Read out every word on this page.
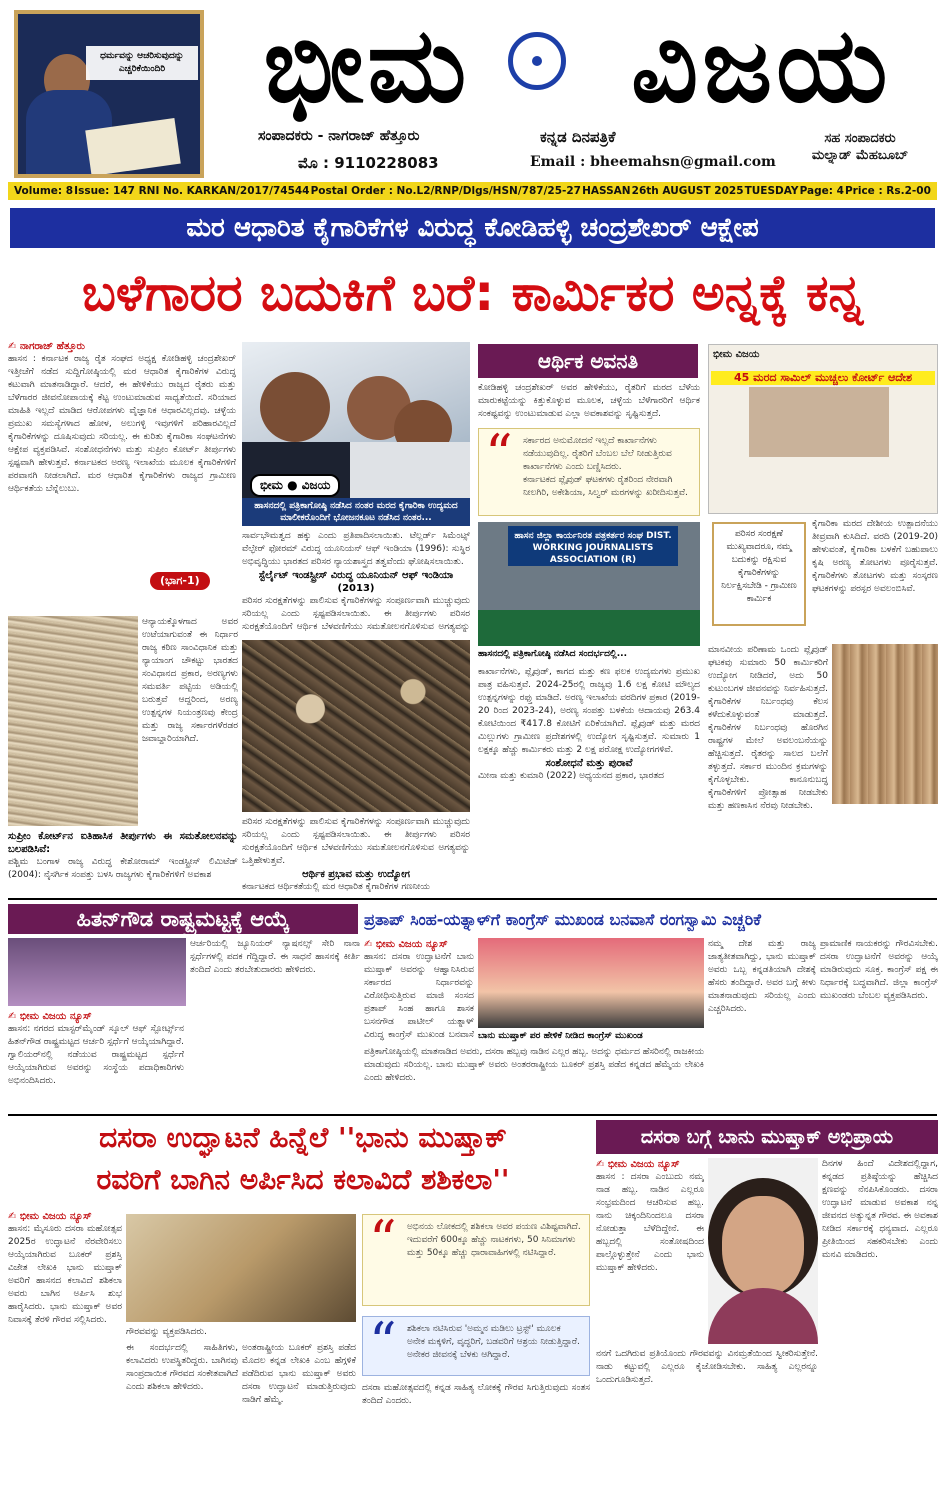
ಧರ್ಮವನ್ನು ಆಚರಿಸುವುದನ್ನು ಎಚ್ಚರಿಕೆಯಿಂದಿರಿ ಭೀಮ ವಿಜಯ
ಸಂಪಾದಕರು - ನಾಗರಾಜ್ ಹೆತ್ತೂರು
ಮೊ : 9110228083
ಕನ್ನಡ ದಿನಪತ್ರಿಕೆ
Email : bheemahsn@gmail.com
ಸಹ ಸಂಪಾದಕರು
ಮಲ್ನಾಡ್ ಮೆಹಬೂಬ್
Volume: 8 Issue: 147 RNI No. KARKAN/2017/74544 Postal Order : No.L2/RNP/Dlgs/HSN/787/25-27 HASSAN 26th AUGUST 2025 TUESDAY Page: 4 Price : Rs.2-00
ಮರ ಆಧಾರಿತ ಕೈಗಾರಿಕೆಗಳ ವಿರುದ್ಧ ಕೋಡಿಹಳ್ಳಿ ಚಂದ್ರಶೇಖರ್ ಆಕ್ಷೇಪ
ಬಳೆಗಾರರ ಬದುಕಿಗೆ ಬರೆ: ಕಾರ್ಮಿಕರ ಅನ್ನಕ್ಕೆ ಕನ್ನ
✍ ನಾಗರಾಜ್ ಹೆತ್ತೂರು
ಹಾಸನ : ಕರ್ನಾಟಕ ರಾಜ್ಯ ರೈತ ಸಂಘದ ಅಧ್ಯಕ್ಷ ಕೋಡಿಹಳ್ಳಿ ಚಂದ್ರಶೇಖರ್ ಇತ್ತೀಚೆಗೆ ನಡೆದ ಸುದ್ದಿಗೋಷ್ಠಿಯಲ್ಲಿ ಮರ ಆಧಾರಿತ ಕೈಗಾರಿಕೆಗಳ ವಿರುದ್ಧ ಕಟುವಾಗಿ ಮಾತನಾಡಿದ್ದಾರೆ. ಆದರೆ, ಈ ಹೇಳಿಕೆಯು ರಾಜ್ಯದ ರೈತರು ಮತ್ತು ಬೆಳೆಗಾರರ ಜೀವನೋಪಾಯಕ್ಕೆ ಕೆಟ್ಟ ಉಂಟುಮಾಡುವ ಸಾಧ್ಯತೆಯಿದೆ. ಸರಿಯಾದ ಮಾಹಿತಿ ಇಲ್ಲದೆ ಮಾಡಿದ ಆರೋಪಗಳು ವೈಜ್ಞಾನಿಕ ಆಧಾರವಿಲ್ಲದವು. ಚಳ್ಳೆಯ ಪ್ರಮುಖ ಸಮಸ್ಯೆಗಳಾದ ಹೋಳ, ಅಲುಗಳ್ಳಿ ಇವುಗಳಿಗೆ ಪರಿಹಾರವಿಲ್ಲದೆ ಕೈಗಾರಿಕೆಗಳನ್ನು ದೂಷಿಸುವುದು ಸರಿಯಲ್ಲ. ಈ ಕುರಿತು ಕೈಗಾರಿಕಾ ಸಂಘಟನೆಗಳು ಆಕ್ಷೇಪ ವ್ಯಕ್ತಪಡಿಸಿವೆ. ಸಂಶೋಧನೆಗಳು ಮತ್ತು ಸುಪ್ರೀಂ ಕೋರ್ಟ್ ತೀರ್ಪುಗಳು ಸ್ಪಷ್ಟವಾಗಿ ಹೇಳುತ್ತವೆ. ಕರ್ನಾಟಕದ ಅರಣ್ಯ ಇಲಾಖೆಯ ಮೂಲಕ ಕೈಗಾರಿಕೆಗಳಿಗೆ ಪರವಾನಗಿ ನೀಡಲಾಗಿದೆ. ಮರ ಆಧಾರಿತ ಕೈಗಾರಿಕೆಗಳು ರಾಜ್ಯದ ಗ್ರಾಮೀಣ ಆರ್ಥಿಕತೆಯ ಬೆನ್ನೆಲುಬು.
(ಭಾಗ-1)
ಆನ್ಯಾಯಕ್ಕೊಳಗಾದ ಅವರ ಉಟೆಯಾಗುವಂತೆ ಈ ನಿರ್ಧಾರ ರಾಜ್ಯ ಕಠಿಣ ಸಾಂವಿಧಾನಿಕ ಮತ್ತು ನ್ಯಾಯಾಂಗ ಚೌಕಟ್ಟು ಭಾರತದ ಸಂವಿಧಾನದ ಪ್ರಕಾರ, ಅರಣ್ಯಗಳು ಸಮವರ್ತಿ ಪಟ್ಟಿಯ ಅಡಿಯಲ್ಲಿ ಬರುತ್ತವೆ ಆದ್ದರಿಂದ, ಅರಣ್ಯ ಉತ್ಪನ್ನಗಳ ನಿಯಂತ್ರಣವು ಕೇಂದ್ರ ಮತ್ತು ರಾಜ್ಯ ಸರ್ಕಾರಗಳೆರಡರ ಜವಾಬ್ದಾರಿಯಾಗಿದೆ.
ಸುಪ್ರೀಂ ಕೋರ್ಟ್‌ನ ಐತಿಹಾಸಿಕ ತೀರ್ಪುಗಳು ಈ ಸಮತೋಲನವನ್ನು ಬಲಪಡಿಸಿವೆ:
ಪಶ್ಚಿಮ ಬಂಗಾಳ ರಾಜ್ಯ ವಿರುದ್ಧ ಕೇಶೋರಾಮ್ ಇಂಡಸ್ಟ್ರೀಸ್ ಲಿಮಿಟೆಡ್ (2004): ನೈಸರ್ಗಿಕ ಸಂಪತ್ತು ಬಳಸಿ ರಾಜ್ಯಗಳು ಕೈಗಾರಿಕೆಗಳಿಗೆ ಅವಕಾಶ
ಭೀಮ ● ವಿಜಯ
ಹಾಸನದಲ್ಲಿ ಪತ್ರಿಕಾಗೋಷ್ಠಿ ನಡೆಸಿದ ನಂತರ ಮರದ ಕೈಗಾರಿಕಾ ಉದ್ಯಮದ ಮಾಲೀಕರೊಂದಿಗೆ ಭೋಜನಕೂಟ ನಡೆಸಿದ ನಂತರ...
ಸಾರ್ವಭೌಮತ್ವದ ಹಕ್ಕು ಎಂದು ಪ್ರತಿಪಾದಿಸಲಾಯಿತು. ಟೆಲ್ಲರ್ಡ್ ಸಿಮೆಂಟ್ಸ್ ವೆಲ್ಫೇರ್ ಫೋರಮ್ ವಿರುದ್ಧ ಯೂನಿಯನ್ ಆಫ್ ಇಂಡಿಯಾ (1996): ಸುಸ್ಥಿರ ಅಭಿವೃದ್ಧಿಯು ಭಾರತದ ಪರಿಸರ ನ್ಯಾಯಶಾಸ್ತ್ರದ ತತ್ವವೆಂದು ಘೋಷಿಸಲಾಯಿತು.
ಸ್ಟೆರ್ಲೈಟ್ ಇಂಡಸ್ಟ್ರೀಸ್ ವಿರುದ್ಧ ಯೂನಿಯನ್ ಆಫ್ ಇಂಡಿಯಾ (2013)
ಪರಿಸರ ಸುರಕ್ಷತೆಗಳನ್ನು ಪಾಲಿಸುವ ಕೈಗಾರಿಕೆಗಳನ್ನು ಸಂಪೂರ್ಣವಾಗಿ ಮುಚ್ಚುವುದು ಸರಿಯಲ್ಲ ಎಂದು ಸ್ಪಷ್ಟಪಡಿಸಲಾಯಿತು. ಈ ತೀರ್ಪುಗಳು ಪರಿಸರ ಸುರಕ್ಷತೆಯೊಂದಿಗೆ ಆರ್ಥಿಕ ಬೆಳವಣಿಗೆಯು ಸಮತೋಲನಗೊಳಿಸುವ ಅಗತ್ಯವನ್ನು
ಪರಿಸರ ಸುರಕ್ಷತೆಗಳನ್ನು ಪಾಲಿಸುವ ಕೈಗಾರಿಕೆಗಳನ್ನು ಸಂಪೂರ್ಣವಾಗಿ ಮುಚ್ಚುವುದು ಸರಿಯಲ್ಲ ಎಂದು ಸ್ಪಷ್ಟಪಡಿಸಲಾಯಿತು. ಈ ತೀರ್ಪುಗಳು ಪರಿಸರ ಸುರಕ್ಷತೆಯೊಂದಿಗೆ ಆರ್ಥಿಕ ಬೆಳವಣಿಗೆಯು ಸಮತೋಲನಗೊಳಿಸುವ ಅಗತ್ಯವನ್ನು ಒತ್ತಿಹೇಳುತ್ತವೆ.
ಆರ್ಥಿಕ ಪ್ರಭಾವ ಮತ್ತು ಉದ್ಯೋಗ
ಕರ್ನಾಟಕದ ಆರ್ಥಿಕತೆಯಲ್ಲಿ ಮರ ಆಧಾರಿತ ಕೈಗಾರಿಕೆಗಳ ಗಣನೀಯ
ಆರ್ಥಿಕ ಅವನತಿ
ಕೋಡಿಹಳ್ಳಿ ಚಂದ್ರಶೇಖರ್ ಅವರ ಹೇಳಿಕೆಯು, ರೈತರಿಗೆ ಮರದ ಬೆಳೆಯ ಮಾರುಕಟ್ಟೆಯನ್ನು ಕಿತ್ತುಕೊಳ್ಳುವ ಮೂಲಕ, ಚಳ್ಳೆಯ ಬೆಳೆಗಾರರಿಗೆ ಆರ್ಥಿಕ ಸಂಕಷ್ಟವನ್ನು ಉಂಟುಮಾಡುವ ಎಲ್ಲಾ ಅವಕಾಶವನ್ನು ಸೃಷ್ಟಿಸುತ್ತದೆ.
“ ಸರ್ಕಾರದ ಅನುಮೋದನೆ ಇಲ್ಲದೆ ಕಾರ್ಖಾನೆಗಳು ನಡೆಯುವುದಿಲ್ಲ. ರೈತರಿಗೆ ಬೆಂಬಲ ಬೆಲೆ ನೀಡುತ್ತಿರುವ ಕಾರ್ಖಾನೆಗಳು ಎಂದು ಬಣ್ಣಿಸಿದರು.
ಕರ್ನಾಟಕದ ಪ್ಲೈವುಡ್ ಘಟಕಗಳು ರೈತರಿಂದ ನೇರವಾಗಿ ನೀಲಗಿರಿ, ಅಕೇಶಿಯಾ, ಸಿಲ್ವರ್ ಮರಗಳನ್ನು ಖರೀದಿಸುತ್ತವೆ.
ಹಾಸನ ಜಿಲ್ಲಾ ಕಾರ್ಯನಿರತ ಪತ್ರಕರ್ತರ ಸಂಘ DIST. WORKING JOURNALISTS ASSOCIATION (R)
ಹಾಸನದಲ್ಲಿ ಪತ್ರಿಕಾಗೋಷ್ಠಿ ನಡೆಸಿದ ಸಂದರ್ಭದಲ್ಲಿ...
ಕಾರ್ಖಾನೆಗಳು, ಪ್ಲೈವುಡ್, ಕಾಗದ ಮತ್ತು ಕಣ ಫಲಕ ಉದ್ಯಮಗಳು ಪ್ರಮುಖ ಪಾತ್ರ ವಹಿಸುತ್ತವೆ. 2024-25ರಲ್ಲಿ ರಾಜ್ಯವು 1.6 ಲಕ್ಷ ಕೋಟಿ ಮೌಲ್ಯದ ಉತ್ಪನ್ನಗಳನ್ನು ರಫ್ತು ಮಾಡಿದೆ. ಅರಣ್ಯ ಇಲಾಖೆಯ ವರದಿಗಳ ಪ್ರಕಾರ (2019-20 ರಿಂದ 2023-24), ಅರಣ್ಯ ಸಂಪತ್ತು ಬಳಕೆಯ ಆದಾಯವು 263.4 ಕೋಟಿಯಿಂದ ₹417.8 ಕೋಟಿಗೆ ಏರಿಕೆಯಾಗಿದೆ. ಪ್ಲೈವುಡ್ ಮತ್ತು ಮರದ ಮಿಲ್ಲುಗಳು ಗ್ರಾಮೀಣ ಪ್ರದೇಶಗಳಲ್ಲಿ ಉದ್ಯೋಗ ಸೃಷ್ಟಿಸುತ್ತವೆ. ಸುಮಾರು 1 ಲಕ್ಷಕ್ಕೂ ಹೆಚ್ಚು ಕಾರ್ಮಿಕರು ಮತ್ತು 2 ಲಕ್ಷ ಪರೋಕ್ಷ ಉದ್ಯೋಗಗಳಿವೆ.
ಸಂಶೋಧನೆ ಮತ್ತು ಪುರಾವೆ
ಮೀನಾ ಮತ್ತು ಕುಮಾರಿ (2022) ಅಧ್ಯಯನದ ಪ್ರಕಾರ, ಭಾರತದ
ಭೀಮ ವಿಜಯ
45 ಮರದ ಸಾಮಿಲ್ ಮುಚ್ಚಲು ಕೋರ್ಟ್ ಆದೇಶ
ಪರಿಸರ ಸಂರಕ್ಷಣೆ ಮುಖ್ಯವಾದರೂ, ನಮ್ಮ ಬದುಕನ್ನು ರಕ್ಷಿಸುವ ಕೈಗಾರಿಕೆಗಳನ್ನು ನಿರ್ಲಕ್ಷಿಸಬೇಡಿ - ಗ್ರಾಮೀಣ ಕಾರ್ಮಿಕ
ಕೈಗಾರಿಕಾ ಮರದ ದೇಶೀಯ ಉತ್ಪಾದನೆಯು ತೀವ್ರವಾಗಿ ಕುಸಿದಿದೆ. ವರದಿ (2019-20) ಹೇಳುವಂತೆ, ಕೈಗಾರಿಕಾ ಬಳಕೆಗೆ ಬಹುಪಾಲು ಕೃಷಿ ಅರಣ್ಯ ತೋಟಗಳು ಪೂರೈಸುತ್ತವೆ. ಕೈಗಾರಿಕೆಗಳು ತೋಟಗಳು ಮತ್ತು ಸಂಸ್ಕರಣ ಘಟಕಗಳನ್ನು ಪರಸ್ಪರ ಅವಲಂಬಿಸಿವೆ.
ಮಾನವೀಯ ಪರಿಣಾಮ ಒಂದು ಪ್ಲೈವುಡ್ ಘಟಕವು ಸುಮಾರು 50 ಕಾರ್ಮಿಕರಿಗೆ ಉದ್ಯೋಗ ನೀಡಿದರೆ, ಅದು 50 ಕುಟುಂಬಗಳ ಜೀವನವನ್ನು ನಿರ್ವಹಿಸುತ್ತದೆ. ಕೈಗಾರಿಕೆಗಳ ನಿರ್ಬಂಧವು ಕೆಲಸ ಕಳೆದುಕೊಳ್ಳುವಂತೆ ಮಾಡುತ್ತದೆ. ಕೈಗಾರಿಕೆಗಳ ನಿರ್ಬಂಧವು ಹೊರಗಿನ ರಾಷ್ಟ್ರಗಳ ಮೇಲೆ ಅವಲಂಬನೆಯನ್ನು ಹೆಚ್ಚಿಸುತ್ತದೆ. ರೈತರನ್ನು ಸಾಲದ ಬಲೆಗೆ ತಳ್ಳುತ್ತದೆ. ಸರ್ಕಾರ ಮುಂದಿನ ಕ್ರಮಗಳನ್ನು ಕೈಗೊಳ್ಳಬೇಕು. ಕಾನೂನುಬದ್ಧ ಕೈಗಾರಿಕೆಗಳಿಗೆ ಪ್ರೋತ್ಸಾಹ ನೀಡಬೇಕು ಮತ್ತು ಹಣಕಾಸಿನ ನೆರವು ನೀಡಬೇಕು.
ಹಿತನ್‌ಗೌಡ ರಾಷ್ಟ್ರಮಟ್ಟಕ್ಕೆ ಆಯ್ಕೆ
✍ ಭೀಮ ವಿಜಯ ನ್ಯೂಸ್
ಹಾಸನ: ನಗರದ ಮಾಸ್ಟರ್‌ಮೈಂಡ್ ಸ್ಕೂಲ್ ಆಫ್ ಸ್ಪೋರ್ಟ್ಸ್‌ನ ಹಿತನ್‌ಗೌಡ ರಾಷ್ಟ್ರಮಟ್ಟದ ಆರ್ಚರಿ ಸ್ಪರ್ಧೆಗೆ ಆಯ್ಕೆಯಾಗಿದ್ದಾರೆ. ಗ್ವಾಲಿಯರ್‌ನಲ್ಲಿ ನಡೆಯುವ ರಾಷ್ಟ್ರಮಟ್ಟದ ಸ್ಪರ್ಧೆಗೆ ಆಯ್ಕೆಯಾಗಿರುವ ಅವರನ್ನು ಸಂಸ್ಥೆಯ ಪದಾಧಿಕಾರಿಗಳು ಅಭಿನಂದಿಸಿದರು.
ಆರ್ಚರಿಯಲ್ಲಿ ಜ್ಯೂನಿಯರ್ ನ್ಯಾಷನಲ್ಸ್ ಸೇರಿ ನಾನಾ ಸ್ಪರ್ಧೆಗಳಲ್ಲಿ ಪದಕ ಗೆದ್ದಿದ್ದಾರೆ. ಈ ಸಾಧನೆ ಹಾಸನಕ್ಕೆ ಕೀರ್ತಿ ತಂದಿದೆ ಎಂದು ತರಬೇತುದಾರರು ಹೇಳಿದರು.
ಪ್ರತಾಪ್ ಸಿಂಹ-ಯತ್ನಾಳ್‌ಗೆ ಕಾಂಗ್ರೆಸ್ ಮುಖಂಡ ಬನವಾಸೆ ರಂಗಸ್ವಾಮಿ ಎಚ್ಚರಿಕೆ
✍ ಭೀಮ ವಿಜಯ ನ್ಯೂಸ್
ಹಾಸನ: ದಸರಾ ಉದ್ಘಾಟನೆಗೆ ಬಾನು ಮುಷ್ತಾಕ್ ಅವರನ್ನು ಆಹ್ವಾನಿಸಿರುವ ಸರ್ಕಾರದ ನಿರ್ಧಾರವನ್ನು ವಿರೋಧಿಸುತ್ತಿರುವ ಮಾಜಿ ಸಂಸದ ಪ್ರತಾಪ್ ಸಿಂಹ ಹಾಗೂ ಶಾಸಕ ಬಸನಗೌಡ ಪಾಟೀಲ್ ಯತ್ನಾಳ್ ವಿರುದ್ಧ ಕಾಂಗ್ರೆಸ್ ಮುಖಂಡ ಬನವಾಸೆ ಬಾನು ಮುಷ್ತಾಕ್ ಪರ ಹೇಳಿಕೆ ನೀಡಿದ ಕಾಂಗ್ರೆಸ್ ಮುಖಂಡ
ಪತ್ರಿಕಾಗೋಷ್ಠಿಯಲ್ಲಿ ಮಾತನಾಡಿದ ಅವರು, ದಸರಾ ಹಬ್ಬವು ನಾಡಿನ ಎಲ್ಲರ ಹಬ್ಬ. ಅದನ್ನು ಧರ್ಮದ ಹೆಸರಿನಲ್ಲಿ ರಾಜಕೀಯ ಮಾಡುವುದು ಸರಿಯಲ್ಲ. ಬಾನು ಮುಷ್ತಾಕ್ ಅವರು ಅಂತರರಾಷ್ಟ್ರೀಯ ಬೂಕರ್ ಪ್ರಶಸ್ತಿ ಪಡೆದ ಕನ್ನಡದ ಹೆಮ್ಮೆಯ ಲೇಖಕಿ ಎಂದು ಹೇಳಿದರು.
ನಮ್ಮ ದೇಶ ಮತ್ತು ರಾಜ್ಯ ಜಾತ್ಯತೀತವಾಗಿದ್ದು, ಭಾನು ಮುಷ್ತಾಕ್ ಅವರು ಒಬ್ಬ ಕನ್ನಡತಿಯಾಗಿ ದೇಶಕ್ಕೆ ಹೆಸರು ತಂದಿದ್ದಾರೆ. ಅವರ ಬಗ್ಗೆ ಕೀಳು ಮಾತನಾಡುವುದು ಸರಿಯಲ್ಲ ಎಂದು ಎಚ್ಚರಿಸಿದರು.
ಪ್ರಾಮಾಣಿಕ ನಾಯಕರನ್ನು ಗೌರವಿಸಬೇಕು. ದಸರಾ ಉದ್ಘಾಟನೆಗೆ ಅವರನ್ನು ಆಯ್ಕೆ ಮಾಡಿರುವುದು ಸೂಕ್ತ. ಕಾಂಗ್ರೆಸ್ ಪಕ್ಷ ಈ ನಿರ್ಧಾರಕ್ಕೆ ಬದ್ಧವಾಗಿದೆ. ಜಿಲ್ಲಾ ಕಾಂಗ್ರೆಸ್ ಮುಖಂಡರು ಬೆಂಬಲ ವ್ಯಕ್ತಪಡಿಸಿದರು.
ದಸರಾ ಉದ್ಘಾಟನೆ ಹಿನ್ನೆಲೆ ''ಭಾನು ಮುಷ್ತಾಕ್
ರವರಿಗೆ ಬಾಗಿನ ಅರ್ಪಿಸಿದ ಕಲಾವಿದೆ ಶಶಿಕಲಾ''
✍ ಭೀಮ ವಿಜಯ ನ್ಯೂಸ್
ಹಾಸನ: ಮೈಸೂರು ದಸರಾ ಮಹೋತ್ಸವ 2025ರ ಉದ್ಘಾಟನೆ ನೆರವೇರಿಸಲು ಆಯ್ಕೆಯಾಗಿರುವ ಬೂಕರ್ ಪ್ರಶಸ್ತಿ ವಿಜೇತ ಲೇಖಕಿ ಭಾನು ಮುಷ್ತಾಕ್ ಅವರಿಗೆ ಹಾಸನದ ಕಲಾವಿದೆ ಶಶಿಕಲಾ ಅವರು ಬಾಗಿನ ಅರ್ಪಿಸಿ ಶುಭ ಹಾರೈಸಿದರು. ಭಾನು ಮುಷ್ತಾಕ್ ಅವರ ನಿವಾಸಕ್ಕೆ ತೆರಳಿ ಗೌರವ ಸಲ್ಲಿಸಿದರು.
ಗೌರವವನ್ನು ವ್ಯಕ್ತಪಡಿಸಿದರು.
ಈ ಸಂದರ್ಭದಲ್ಲಿ ಸಾಹಿತಿಗಳು, ಕಲಾವಿದರು ಉಪಸ್ಥಿತರಿದ್ದರು. ಬಾಗಿನವು ಸಾಂಪ್ರದಾಯಿಕ ಗೌರವದ ಸಂಕೇತವಾಗಿದೆ ಎಂದು ಶಶಿಕಲಾ ಹೇಳಿದರು.
ಅಂತರಾಷ್ಟ್ರೀಯ ಬೂಕರ್ ಪ್ರಶಸ್ತಿ ಪಡೆದ ಮೊದಲ ಕನ್ನಡ ಲೇಖಕಿ ಎಂಬ ಹೆಗ್ಗಳಿಕೆ ಪಡೆದಿರುವ ಭಾನು ಮುಷ್ತಾಕ್ ಅವರು ದಸರಾ ಉದ್ಘಾಟನೆ ಮಾಡುತ್ತಿರುವುದು ನಾಡಿಗೆ ಹೆಮ್ಮೆ.
“ ಅಭಿನಯ ಲೋಕದಲ್ಲಿ ಶಶಿಕಲಾ ಅವರ ಪಯಣ ವಿಶಿಷ್ಟವಾಗಿದೆ. ಇದುವರೆಗೆ 600ಕ್ಕೂ ಹೆಚ್ಚು ನಾಟಕಗಳು, 50 ಸಿನಿಮಾಗಳು ಮತ್ತು 50ಕ್ಕೂ ಹೆಚ್ಚು ಧಾರಾವಾಹಿಗಳಲ್ಲಿ ನಟಿಸಿದ್ದಾರೆ.
“ ಶಶಿಕಲಾ ನಟಿಸಿರುವ 'ಅಮ್ಮನ ಮಡಿಲು ಟ್ರಸ್ಟ್' ಮೂಲಕ ಅನೇಕ ಮಕ್ಕಳಿಗೆ, ವೃದ್ಧರಿಗೆ, ಬಡವರಿಗೆ ಆಶ್ರಯ ನೀಡುತ್ತಿದ್ದಾರೆ. ಅನೇಕರ ಜೀವನಕ್ಕೆ ಬೆಳಕು ಆಗಿದ್ದಾರೆ.
ದಸರಾ ಮಹೋತ್ಸವದಲ್ಲಿ ಕನ್ನಡ ಸಾಹಿತ್ಯ ಲೋಕಕ್ಕೆ ಗೌರವ ಸಿಗುತ್ತಿರುವುದು ಸಂತಸ ತಂದಿದೆ ಎಂದರು.
ದಸರಾ ಬಗ್ಗೆ ಬಾನು ಮುಷ್ತಾಕ್ ಅಭಿಪ್ರಾಯ
✍ ಭೀಮ ವಿಜಯ ನ್ಯೂಸ್
ಹಾಸನ : ದಸರಾ ಎಂಬುದು ನಮ್ಮ ನಾಡ ಹಬ್ಬ. ನಾಡಿನ ಎಲ್ಲರೂ ಸಂಭ್ರಮದಿಂದ ಆಚರಿಸುವ ಹಬ್ಬ. ನಾನು ಚಿಕ್ಕಂದಿನಿಂದಲೂ ದಸರಾ ನೋಡುತ್ತಾ ಬೆಳೆದಿದ್ದೇನೆ. ಈ ಹಬ್ಬದಲ್ಲಿ ಸಂತೋಷದಿಂದ ಪಾಲ್ಗೊಳ್ಳುತ್ತೇನೆ ಎಂದು ಭಾನು ಮುಷ್ತಾಕ್ ಹೇಳಿದರು.
ನನಗೆ ಒದಗಿರುವ ಪ್ರತಿಯೊಂದು ಗೌರವವನ್ನು ವಿನಮ್ರತೆಯಿಂದ ಸ್ವೀಕರಿಸುತ್ತೇನೆ. ನಾಡು ಕಟ್ಟುವಲ್ಲಿ ಎಲ್ಲರೂ ಕೈಜೋಡಿಸಬೇಕು. ಸಾಹಿತ್ಯ ಎಲ್ಲರನ್ನೂ ಒಂದುಗೂಡಿಸುತ್ತದೆ.
ದಿನಗಳ ಹಿಂದೆ ವಿದೇಶದಲ್ಲಿದ್ದಾಗ, ಕನ್ನಡದ ಪ್ರತಿಷ್ಠೆಯನ್ನು ಹೆಚ್ಚಿಸಿದ ಕ್ಷಣವನ್ನು ನೆನಪಿಸಿಕೊಂಡರು. ದಸರಾ ಉದ್ಘಾಟನೆ ಮಾಡುವ ಅವಕಾಶ ನನ್ನ ಜೀವನದ ಅತ್ಯುನ್ನತ ಗೌರವ. ಈ ಅವಕಾಶ ನೀಡಿದ ಸರ್ಕಾರಕ್ಕೆ ಧನ್ಯವಾದ. ಎಲ್ಲರೂ ಪ್ರೀತಿಯಿಂದ ಸಹಕರಿಸಬೇಕು ಎಂದು ಮನವಿ ಮಾಡಿದರು.
